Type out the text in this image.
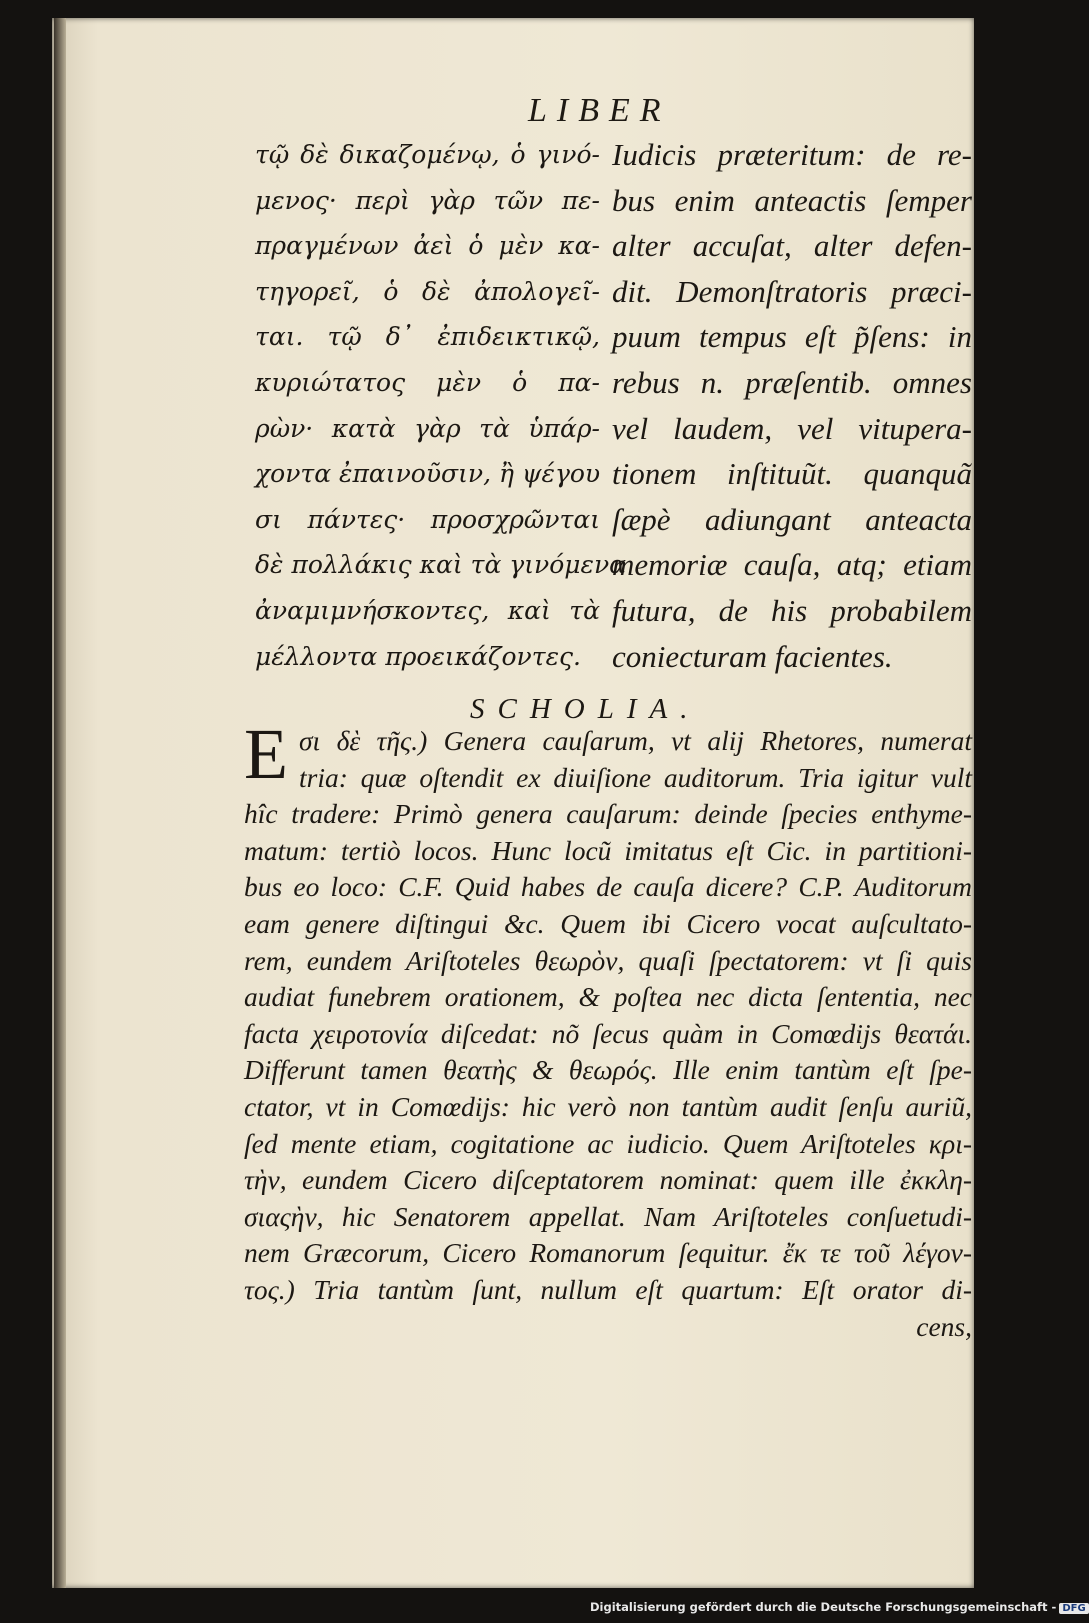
LIBER
τῷ δὲ δικαζομένῳ, ὁ γινό-
μενος· περὶ γὰρ τῶν πε-
πραγμένων ἀεὶ ὁ μὲν κα-
τηγορεῖ, ὁ δὲ ἀπολογεῖ-
ται. τῷ δ᾽ ἐπιδεικτικῷ,
κυριώτατος μὲν ὁ πα-
ρὼν· κατὰ γὰρ τὰ ὑπάρ-
χοντα ἐπαινοῦσιν, ἢ ψέγου
σι πάντες· προσχρῶνται
δὲ πολλάκις καὶ τὰ γινόμενα
ἀναμιμνήσκοντες, καὶ τὰ
μέλλοντα προεικάζοντες.
Iudicis præteritum: de re-
bus enim anteactis ſemper
alter accuſat, alter defen-
dit. Demonſtratoris præci-
puum tempus eſt p̃ſens: in
rebus n. præſentib. omnes
vel laudem, vel vitupera-
tionem inſtituũt. quanquã
ſæpè adiungant anteacta
memoriæ cauſa, atq; etiam
futura, de his probabilem
coniecturam facientes.
SCHOLIA.
E σι δὲ τῆς.) Genera cauſarum, vt alij Rhetores, numerat
tria: quæ oſtendit ex diuiſione auditorum. Tria igitur vult
hîc tradere: Primò genera cauſarum: deinde ſpecies enthyme-
matum: tertiò locos. Hunc locũ imitatus eſt Cic. in partitioni-
bus eo loco: C.F. Quid habes de cauſa dicere? C.P. Auditorum
eam genere diſtingui &c. Quem ibi Cicero vocat auſcultato-
rem, eundem Ariſtoteles θεωρὸν, quaſi ſpectatorem: vt ſi quis
audiat funebrem orationem, & poſtea nec dicta ſententia, nec
facta χειροτονία diſcedat: nõ ſecus quàm in Comœdijs θεατάι.
Differunt tamen θεατὴς & θεωρός. Ille enim tantùm eſt ſpe-
ctator, vt in Comœdijs: hic verò non tantùm audit ſenſu auriũ,
ſed mente etiam, cogitatione ac iudicio. Quem Ariſtoteles κρι-
τὴν, eundem Cicero diſceptatorem nominat: quem ille ἐκκλη-
σιαςὴν, hic Senatorem appellat. Nam Ariſtoteles conſuetudi-
nem Græcorum, Cicero Romanorum ſequitur. ἔκ τε τοῦ λέγον-
τος.) Tria tantùm ſunt, nullum eſt quartum: Eſt orator di-
cens,
Digitalisierung gefördert durch die Deutsche Forschungsgemeinschaft - DFG
